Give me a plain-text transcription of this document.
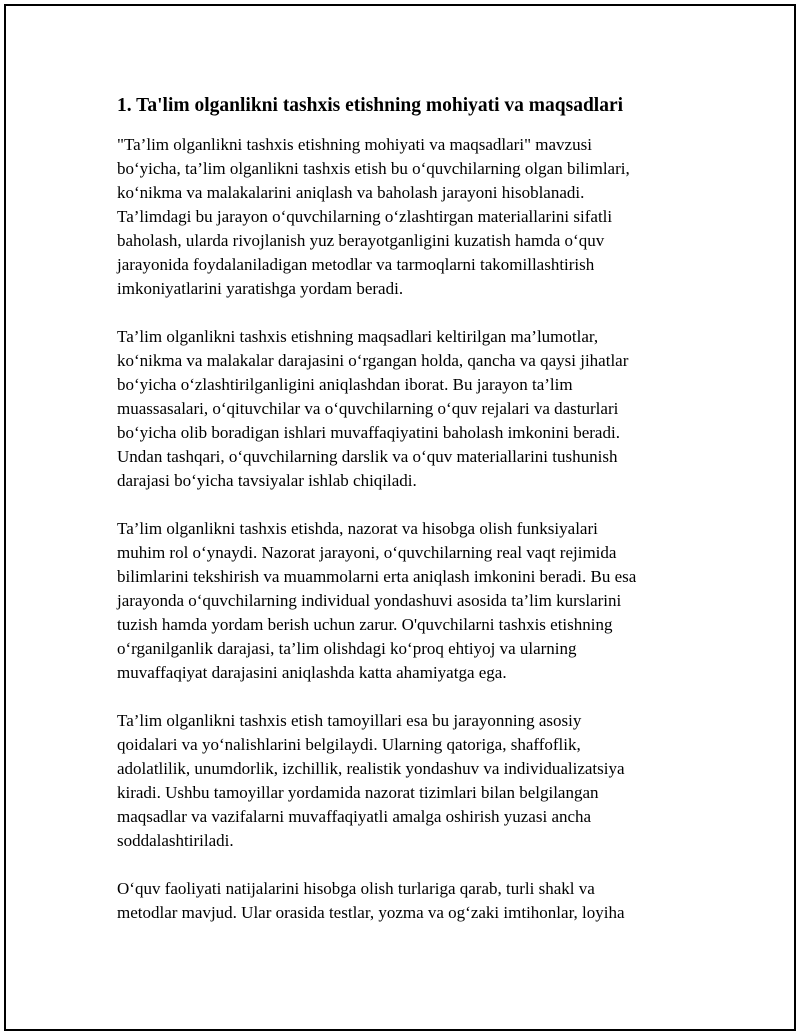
1. Ta'lim olganlikni tashxis etishning mohiyati va maqsadlari

"Ta’lim olganlikni tashxis etishning mohiyati va maqsadlari" mavzusi
bo‘yicha, ta’lim olganlikni tashxis etish bu o‘quvchilarning olgan bilimlari,
ko‘nikma va malakalarini aniqlash va baholash jarayoni hisoblanadi.
Ta’limdagi bu jarayon o‘quvchilarning o‘zlashtirgan materiallarini sifatli
baholash, ularda rivojlanish yuz berayotganligini kuzatish hamda o‘quv
jarayonida foydalaniladigan metodlar va tarmoqlarni takomillashtirish
imkoniyatlarini yaratishga yordam beradi.

Ta’lim olganlikni tashxis etishning maqsadlari keltirilgan ma’lumotlar,
ko‘nikma va malakalar darajasini o‘rgangan holda, qancha va qaysi jihatlar
bo‘yicha o‘zlashtirilganligini aniqlashdan iborat. Bu jarayon ta’lim
muassasalari, o‘qituvchilar va o‘quvchilarning o‘quv rejalari va dasturlari
bo‘yicha olib boradigan ishlari muvaffaqiyatini baholash imkonini beradi.
Undan tashqari, o‘quvchilarning darslik va o‘quv materiallarini tushunish
darajasi bo‘yicha tavsiyalar ishlab chiqiladi.

Ta’lim olganlikni tashxis etishda, nazorat va hisobga olish funksiyalari
muhim rol o‘ynaydi. Nazorat jarayoni, o‘quvchilarning real vaqt rejimida
bilimlarini tekshirish va muammolarni erta aniqlash imkonini beradi. Bu esa
jarayonda o‘quvchilarning individual yondashuvi asosida ta’lim kurslarini
tuzish hamda yordam berish uchun zarur. O'quvchilarni tashxis etishning
o‘rganilganlik darajasi, ta’lim olishdagi ko‘proq ehtiyoj va ularning
muvaffaqiyat darajasini aniqlashda katta ahamiyatga ega.

Ta’lim olganlikni tashxis etish tamoyillari esa bu jarayonning asosiy
qoidalari va yo‘nalishlarini belgilaydi. Ularning qatoriga, shaffoflik,
adolatlilik, unumdorlik, izchillik, realistik yondashuv va individualizatsiya
kiradi. Ushbu tamoyillar yordamida nazorat tizimlari bilan belgilangan
maqsadlar va vazifalarni muvaffaqiyatli amalga oshirish yuzasi ancha
soddalashtiriladi.

O‘quv faoliyati natijalarini hisobga olish turlariga qarab, turli shakl va
metodlar mavjud. Ular orasida testlar, yozma va og‘zaki imtihonlar, loyiha
